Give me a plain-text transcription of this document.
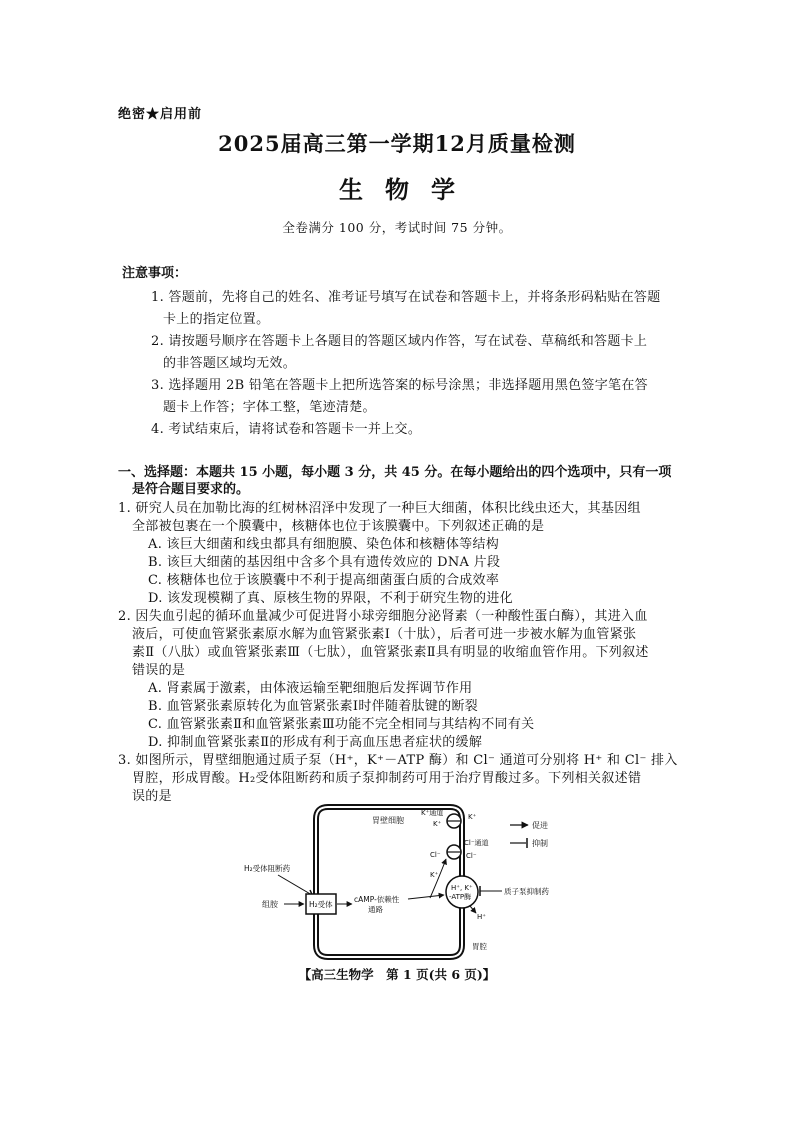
绝密★启用前
2025届高三第一学期12月质量检测
生物学
全卷满分 100 分，考试时间 75 分钟。
注意事项：
1. 答题前，先将自己的姓名、准考证号填写在试卷和答题卡上，并将条形码粘贴在答题
卡上的指定位置。
2. 请按题号顺序在答题卡上各题目的答题区域内作答，写在试卷、草稿纸和答题卡上
的非答题区域均无效。
3. 选择题用 2B 铅笔在答题卡上把所选答案的标号涂黑；非选择题用黑色签字笔在答
题卡上作答；字体工整，笔迹清楚。
4. 考试结束后，请将试卷和答题卡一并上交。
一、选择题：本题共 15 小题，每小题 3 分，共 45 分。在每小题给出的四个选项中，只有一项
是符合题目要求的。
1. 研究人员在加勒比海的红树林沼泽中发现了一种巨大细菌，体积比线虫还大，其基因组
全部被包裹在一个膜囊中，核糖体也位于该膜囊中。下列叙述正确的是
A. 该巨大细菌和线虫都具有细胞膜、染色体和核糖体等结构
B. 该巨大细菌的基因组中含多个具有遗传效应的 DNA 片段
C. 核糖体也位于该膜囊中不利于提高细菌蛋白质的合成效率
D. 该发现模糊了真、原核生物的界限，不利于研究生物的进化
2. 因失血引起的循环血量减少可促进肾小球旁细胞分泌肾素（一种酸性蛋白酶），其进入血
液后，可使血管紧张素原水解为血管紧张素Ⅰ（十肽），后者可进一步被水解为血管紧张
素Ⅱ（八肽）或血管紧张素Ⅲ（七肽），血管紧张素Ⅱ具有明显的收缩血管作用。下列叙述
错误的是
A. 肾素属于激素，由体液运输至靶细胞后发挥调节作用
B. 血管紧张素原转化为血管紧张素Ⅰ时伴随着肽键的断裂
C. 血管紧张素Ⅱ和血管紧张素Ⅲ功能不完全相同与其结构不同有关
D. 抑制血管紧张素Ⅱ的形成有利于高血压患者症状的缓解
3. 如图所示，胃壁细胞通过质子泵（H⁺，K⁺－ATP 酶）和 Cl⁻ 通道可分别将 H⁺ 和 Cl⁻ 排入
胃腔，形成胃酸。H₂受体阻断药和质子泵抑制药可用于治疗胃酸过多。下列相关叙述错
误的是
胃壁细胞
K⁺通道
K⁺
K⁺
Cl⁻通道
Cl⁻	Cl⁻
K⁺
H⁺, K⁺
-ATP酶
H⁺
质子泵抑制药
H₂受体阻断药
组胺	H₂受体
cAMP-依赖性
通路
胃腔
促进
抑制
【高三生物学　第 1 页(共 6 页)】
